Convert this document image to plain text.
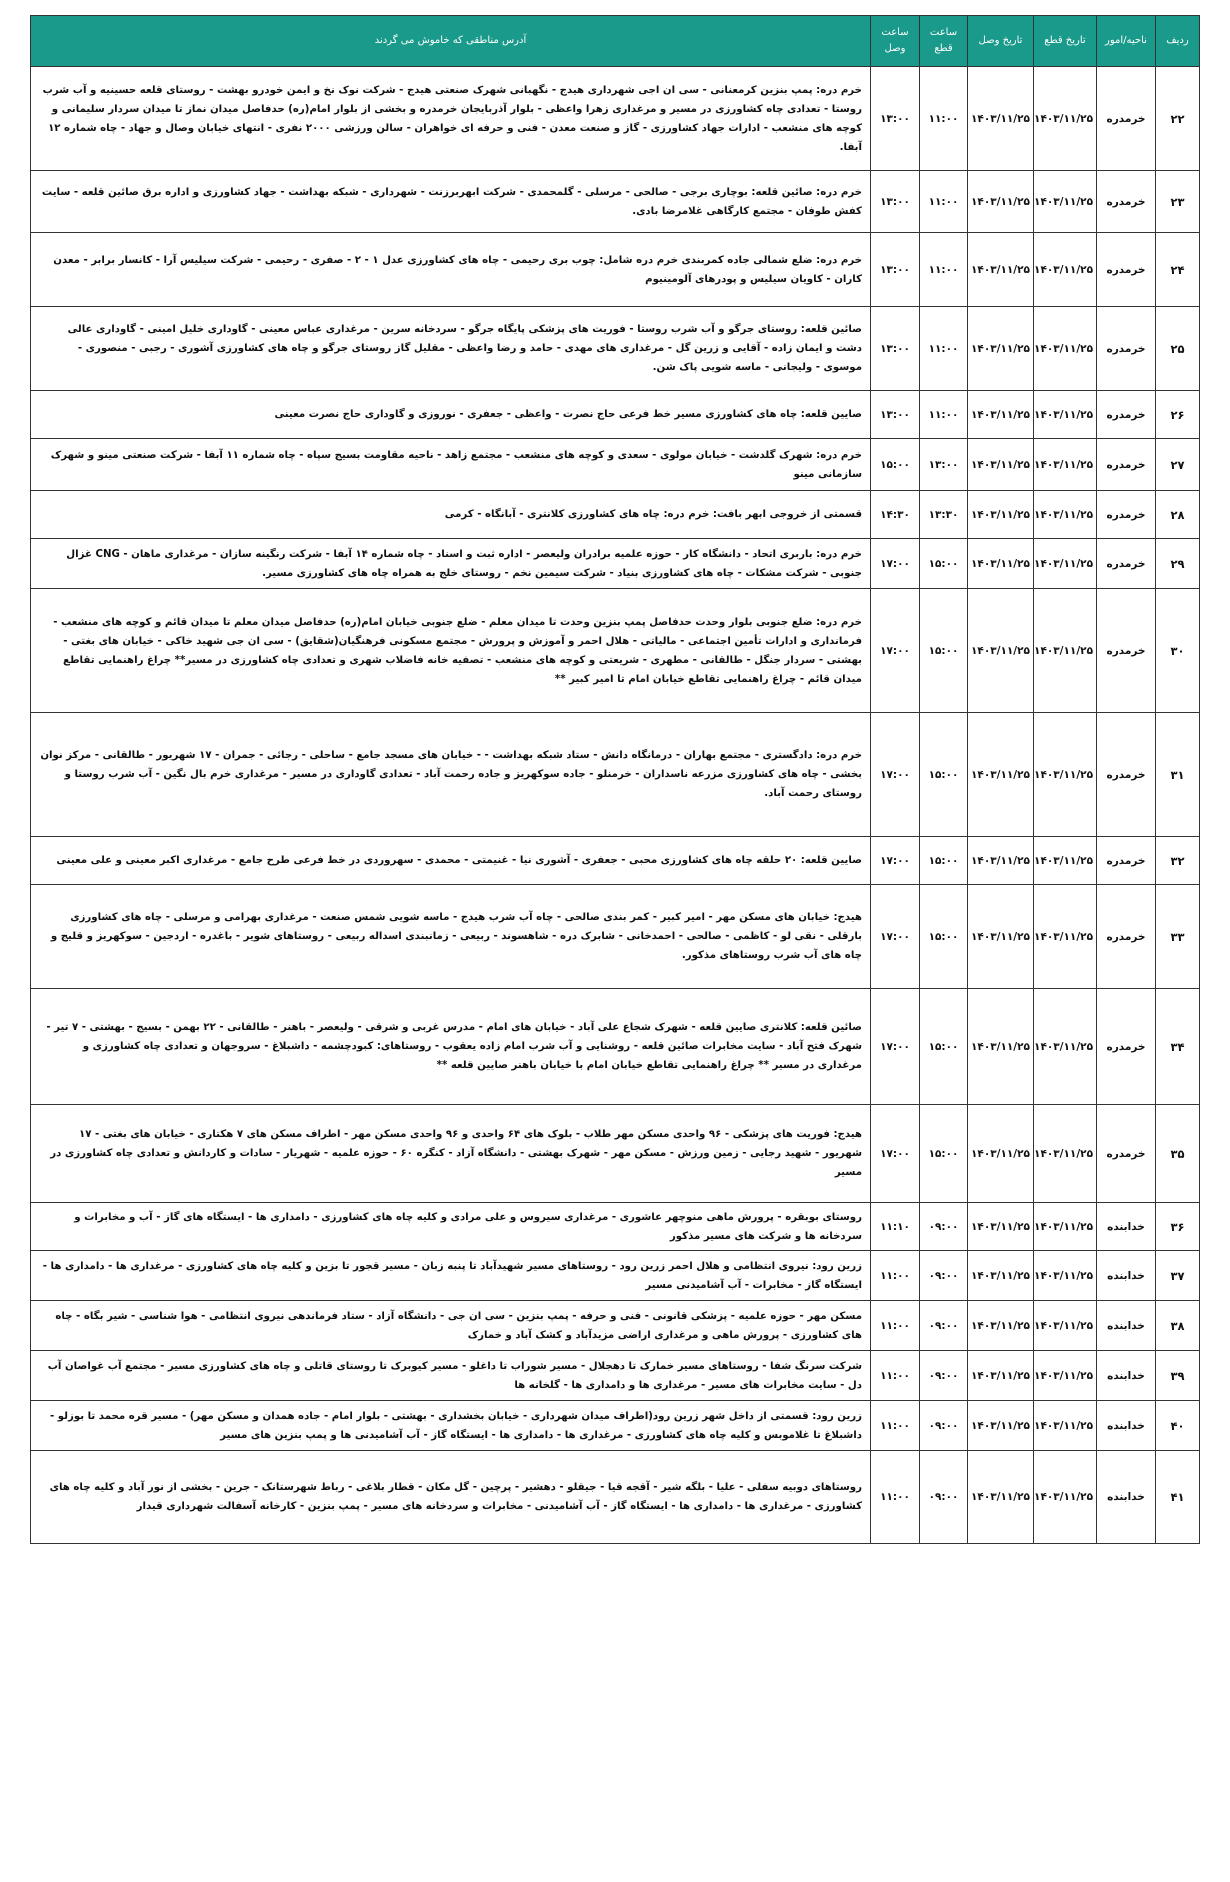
ردیف	ناحیه/امور	تاریخ قطع	تاریخ وصل	ساعت قطع	ساعت وصل	آدرس مناطقی که خاموش می گردند
۲۲	خرمدره	۱۴۰۳/۱۱/۲۵	۱۴۰۳/۱۱/۲۵	۱۱:۰۰	۱۳:۰۰	خرم دره: پمپ بنزین کرمعنانی - سی ان اجی شهرداری هیدج - نگهبانی شهرک صنعتی هیدج - شرکت نوک نخ و ایمن خودرو بهشت - روستای قلعه حسینیه و آب شرب روستا - تعدادی چاه کشاورزی در مسیر و مرغداری زهرا واعظی - بلوار آذربایجان خرمدره و بخشی از بلوار امام(ره) حدفاصل میدان نماز تا میدان سردار سلیمانی و کوچه های منشعب - ادارات جهاد کشاورزی - گاز و صنعت معدن - فنی و حرفه ای خواهران - سالن ورزشی ۲۰۰۰ نفری - انتهای خیابان وصال و جهاد - چاه شماره ۱۲ آبفا.
۲۳	خرمدره	۱۴۰۳/۱۱/۲۵	۱۴۰۳/۱۱/۲۵	۱۱:۰۰	۱۳:۰۰	خرم دره: صائین قلعه: بوچاری برجی - صالحی - مرسلی - گلمحمدی - شرکت ابهربرزنت - شهرداری - شبکه بهداشت - جهاد کشاورزی و اداره برق صائین قلعه - سایت کفش طوفان - مجتمع کارگاهی غلامرضا بادی.
۲۴	خرمدره	۱۴۰۳/۱۱/۲۵	۱۴۰۳/۱۱/۲۵	۱۱:۰۰	۱۳:۰۰	خرم دره: ضلع شمالی جاده کمربندی خرم دره شامل: چوب بری رحیمی - چاه های کشاورزی عدل ۱ - ۲ - صفری - رحیمی - شرکت سیلیس آرا - کانسار برابر - معدن کاران - کاویان سیلیس و پودرهای آلومینیوم
۲۵	خرمدره	۱۴۰۳/۱۱/۲۵	۱۴۰۳/۱۱/۲۵	۱۱:۰۰	۱۳:۰۰	صائین قلعه: روستای جرگو و آب شرب روستا - فوریت های پزشکی پایگاه جرگو - سردخانه سرین - مرغداری عباس معینی - گاوداری خلیل امینی - گاوداری عالی دشت و ایمان زاده - آقایی و زرین گل - مرغداری های مهدی - حامد و رضا واعظی - مقلیل گاز روستای جرگو و چاه های کشاورزی آشوری - رجبی - منصوری - موسوی - ولیجانی - ماسه شویی پاک شن.
۲۶	خرمدره	۱۴۰۳/۱۱/۲۵	۱۴۰۳/۱۱/۲۵	۱۱:۰۰	۱۳:۰۰	صایین قلعه: چاه های کشاورزی مسیر خط فرعی حاج نصرت - واعظی - جعفری - نوروزی و گاوداری حاج نصرت معینی
۲۷	خرمدره	۱۴۰۳/۱۱/۲۵	۱۴۰۳/۱۱/۲۵	۱۳:۰۰	۱۵:۰۰	خرم دره: شهرک گلدشت - خیابان مولوی - سعدی و کوچه های منشعب - مجتمع زاهد - ناحیه مقاومت بسیج سپاه - چاه شماره ۱۱ آبفا - شرکت صنعتی مینو و شهرک سازمانی مینو
۲۸	خرمدره	۱۴۰۳/۱۱/۲۵	۱۴۰۳/۱۱/۲۵	۱۳:۳۰	۱۴:۳۰	قسمتی از خروجی ابهر بافت: خرم دره: چاه های کشاورزی کلانتری - آبانگاه - کرمی
۲۹	خرمدره	۱۴۰۳/۱۱/۲۵	۱۴۰۳/۱۱/۲۵	۱۵:۰۰	۱۷:۰۰	خرم دره: باربری اتحاد - دانشگاه کار - حوزه علمیه برادران ولیعصر - اداره ثبت و اسناد - چاه شماره ۱۴ آبفا - شرکت رنگینه سازان - مرغداری ماهان - CNG غزال جنوبی - شرکت مشکات - چاه های کشاورزی بنیاد - شرکت سیمین نخم - روستای خلج به همراه چاه های کشاورزی مسیر.
۳۰	خرمدره	۱۴۰۳/۱۱/۲۵	۱۴۰۳/۱۱/۲۵	۱۵:۰۰	۱۷:۰۰	خرم دره: ضلع جنوبی بلوار وحدت حدفاصل پمپ بنزین وحدت تا میدان معلم - ضلع جنوبی خیابان امام(ره) حدفاصل میدان معلم تا میدان قائم و کوچه های منشعب - فرمانداری و ادارات تأمین اجتماعی - مالیاتی - هلال احمر و آموزش و پرورش - مجتمع مسکونی فرهنگیان(شقایق) - سی ان جی شهید خاکی - خیابان های بغتی - بهشتی - سردار جنگل - طالقانی - مطهری - شریعتی و کوچه های منشعب - تصفیه خانه فاضلاب شهری و تعدادی چاه کشاورزی در مسیر** چراغ راهنمایی تقاطع میدان قائم - چراغ راهنمایی تقاطع خیابان امام تا امیر کبیر **
۳۱	خرمدره	۱۴۰۳/۱۱/۲۵	۱۴۰۳/۱۱/۲۵	۱۵:۰۰	۱۷:۰۰	خرم دره: دادگستری - مجتمع بهاران - درمانگاه دانش - ستاد شبکه بهداشت - - خیابان های مسجد جامع - ساحلی - رجائی - جمران - ۱۷ شهریور - طالقانی - مرکز نوان بخشی - چاه های کشاورزی مزرعه ناسداران - خرمنلو - جاده سوکهریز و جاده رحمت آباد - تعدادی گاوداری در مسیر - مرغداری خرم بال نگین - آب شرب روستا و روستای رحمت آباد.
۳۲	خرمدره	۱۴۰۳/۱۱/۲۵	۱۴۰۳/۱۱/۲۵	۱۵:۰۰	۱۷:۰۰	صایین قلعه: ۲۰ حلقه چاه های کشاورزی محبی - جعفری - آشوری نیا - غنیمتی - محمدی - سهروردی در خط فرعی طرح جامع - مرغداری اکبر معینی و علی معینی
۳۳	خرمدره	۱۴۰۳/۱۱/۲۵	۱۴۰۳/۱۱/۲۵	۱۵:۰۰	۱۷:۰۰	هیدج: خیابان های مسکن مهر - امیر کبیر - کمر بندی صالحی - چاه آب شرب هیدج - ماسه شویی شمس صنعت - مرغداری بهرامی و مرسلی - چاه های کشاورزی بارقلی - نقی لو - کاظمی - صالحی - احمدخانی - شابرک دره - شاهسوند - ربیعی - زمانبندی اسداله ربیعی - روستاهای شویر - باغدره - اردجین - سوکهریز و قلیج و چاه های آب شرب روستاهای مذکور.
۳۴	خرمدره	۱۴۰۳/۱۱/۲۵	۱۴۰۳/۱۱/۲۵	۱۵:۰۰	۱۷:۰۰	صائین قلعه: کلانتری صایین قلعه - شهرک شجاع علی آباد - خیابان های امام - مدرس غربی و شرقی - ولیعصر - باهنر - طالقانی - ۲۲ بهمن - بسیج - بهشتی - ۷ تیر - شهرک فتح آباد - سایت مخابرات صائین قلعه - روشنایی و آب شرب امام زاده یعقوب - روستاهای: کبودچشمه - داشبلاغ - سروجهان و تعدادی چاه کشاورزی و مرغداری در مسیر ** چراغ راهنمایی تقاطع خیابان امام با خیابان باهنر صایین قلعه **
۳۵	خرمدره	۱۴۰۳/۱۱/۲۵	۱۴۰۳/۱۱/۲۵	۱۵:۰۰	۱۷:۰۰	هیدج: فوریت های پزشکی - ۹۶ واحدی مسکن مهر طلاب - بلوک های ۶۴ واحدی و ۹۶ واحدی مسکن مهر - اطراف مسکن های ۷ هکتاری - خیابان های بغتی - ۱۷ شهریور - شهید رجایی - زمین ورزش - مسکن مهر - شهرک بهشتی - دانشگاه آزاد - کنگره ۶۰ - حوزه علمیه - شهریار - سادات و کاردانش و تعدادی چاه کشاورزی در مسیر
۳۶	خدابنده	۱۴۰۳/۱۱/۲۵	۱۴۰۳/۱۱/۲۵	۰۹:۰۰	۱۱:۱۰	روستای بوبقره - پرورش ماهی منوچهر عاشوری - مرغداری سیروس و علی مرادی و کلیه چاه های کشاورزی - دامداری ها - ایستگاه های گاز - آب و مخابرات و سردخانه ها و شرکت های مسیر مذکور
۳۷	خدابنده	۱۴۰۳/۱۱/۲۵	۱۴۰۳/۱۱/۲۵	۰۹:۰۰	۱۱:۰۰	زرین رود: نیروی انتظامی و هلال احمر زرین رود - روستاهای مسیر شهیدآباد تا پنبه زبان - مسیر قجور تا بزین و کلیه چاه های کشاورزی - مرغداری ها - دامداری ها - ایستگاه گاز - مخابرات - آب آشامیدنی مسیر
۳۸	خدابنده	۱۴۰۳/۱۱/۲۵	۱۴۰۳/۱۱/۲۵	۰۹:۰۰	۱۱:۰۰	مسکن مهر - حوزه علمیه - پزشکی قانونی - فنی و حرفه - پمپ بنزین - سی ان جی - دانشگاه آزاد - ستاد فرماندهی نیروی انتظامی - هوا شناسی - شیر بگاه - چاه های کشاورزی - پرورش ماهی و مرغداری اراضی مزیدآباد و کشک آباد و خمارک
۳۹	خدابنده	۱۴۰۳/۱۱/۲۵	۱۴۰۳/۱۱/۲۵	۰۹:۰۰	۱۱:۰۰	شرکت سرنگ شفا - روستاهای مسیر خمارک تا دهجلال - مسیر شوراب تا داغلو - مسیر کیوبرک تا روستای قاتلی و چاه های کشاورزی مسیر - مجتمع آب غواصان آب دل - سایت مخابرات های مسیر - مرغداری ها و دامداری ها - گلخانه ها
۴۰	خدابنده	۱۴۰۳/۱۱/۲۵	۱۴۰۳/۱۱/۲۵	۰۹:۰۰	۱۱:۰۰	زرین رود: قسمتی از داخل شهر زرین رود(اطراف میدان شهرداری - خیابان بخشداری - بهشتی - بلوار امام - جاده همدان و مسکن مهر) - مسیر قره محمد تا بوزلو - داشبلاغ تا غلاموبس و کلیه چاه های کشاورزی - مرغداری ها - دامداری ها - ایستگاه گاز - آب آشامیدنی ها و پمپ بنزین های مسیر
۴۱	خدابنده	۱۴۰۳/۱۱/۲۵	۱۴۰۳/۱۱/۲۵	۰۹:۰۰	۱۱:۰۰	روستاهای دوبیه سفلی - علیا - بلگه شیر - آقجه قیا - جیقلو - دهشیر - پرچین - گل مکان - قطار بلاغی - رباط شهرستانک - جرین - بخشی از نور آباد و کلیه چاه های کشاورزی - مرغداری ها - دامداری ها - ایستگاه گاز - آب آشامیدنی - مخابرات و سردخانه های مسیر - پمپ بنزین - کارخانه آسفالت شهرداری قیدار
